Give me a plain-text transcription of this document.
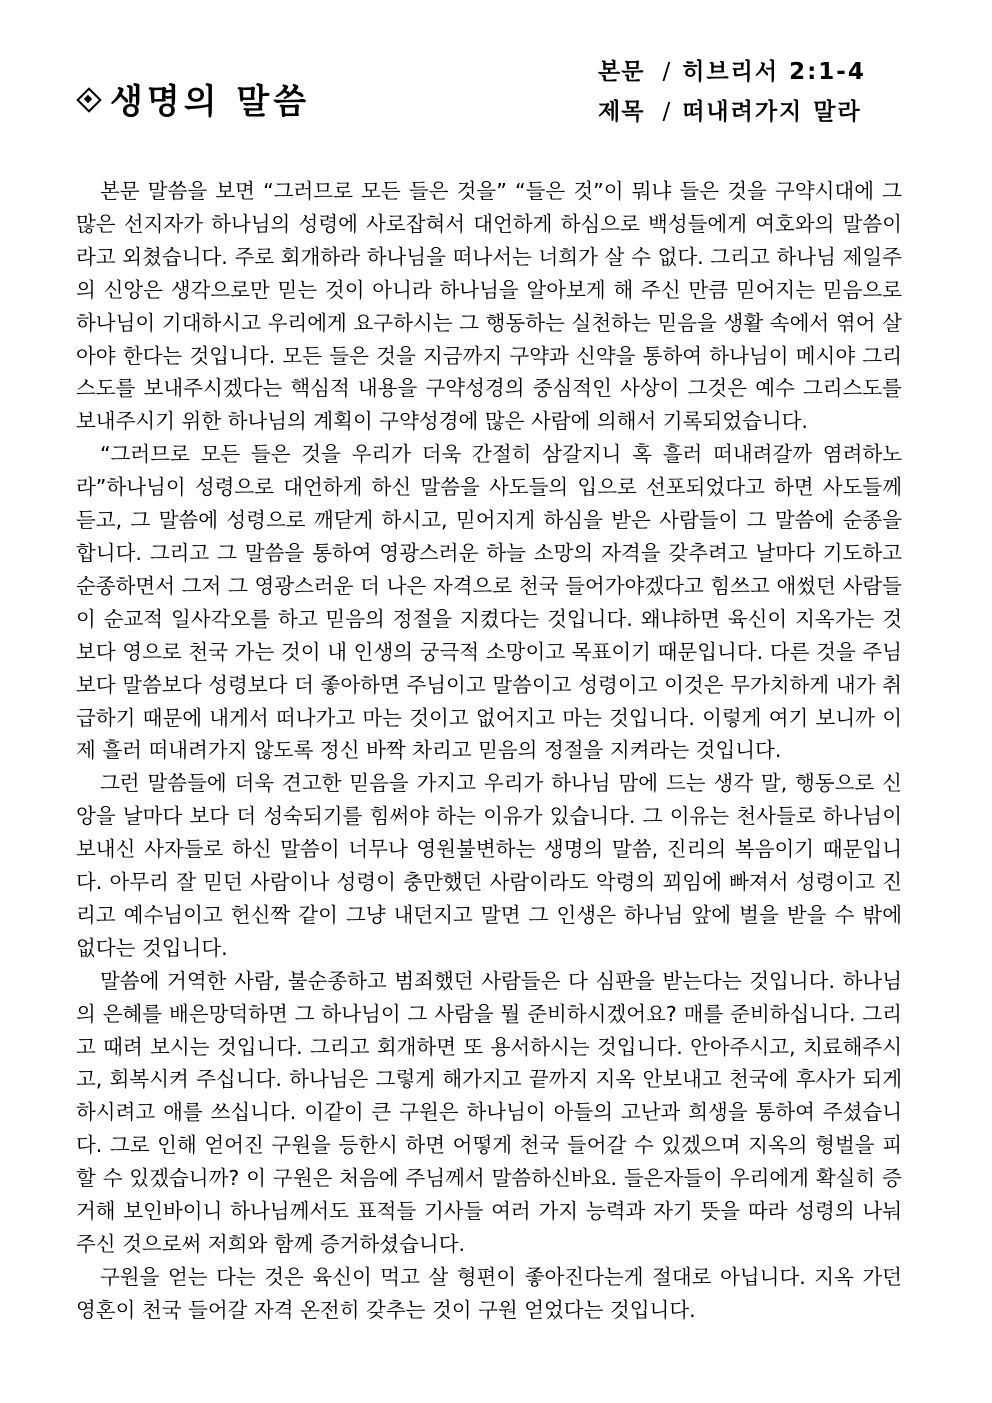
생명의 말씀
본문 / 히브리서 2:1-4
제목 / 떠내려가지 말라

본문 말씀을 보면 “그러므로 모든 들은 것을” “들은 것”이 뭐냐 들은 것을 구약시대에 그 많은 선지자가 하나님의 성령에 사로잡혀서 대언하게 하심으로 백성들에게 여호와의 말씀이라고 외쳤습니다. 주로 회개하라 하나님을 떠나서는 너희가 살 수 없다. 그리고 하나님 제일주의 신앙은 생각으로만 믿는 것이 아니라 하나님을 알아보게 해 주신 만큼 믿어지는 믿음으로 하나님이 기대하시고 우리에게 요구하시는 그 행동하는 실천하는 믿음을 생활 속에서 엮어 살아야 한다는 것입니다. 모든 들은 것을 지금까지 구약과 신약을 통하여 하나님이 메시야 그리스도를 보내주시겠다는 핵심적 내용을 구약성경의 중심적인 사상이 그것은 예수 그리스도를 보내주시기 위한 하나님의 계획이 구약성경에 많은 사람에 의해서 기록되었습니다.

“그러므로 모든 들은 것을 우리가 더욱 간절히 삼갈지니 혹 흘러 떠내려갈까 염려하노라”하나님이 성령으로 대언하게 하신 말씀을 사도들의 입으로 선포되었다고 하면 사도들께 듣고, 그 말씀에 성령으로 깨닫게 하시고, 믿어지게 하심을 받은 사람들이 그 말씀에 순종을 합니다. 그리고 그 말씀을 통하여 영광스러운 하늘 소망의 자격을 갖추려고 날마다 기도하고 순종하면서 그저 그 영광스러운 더 나은 자격으로 천국 들어가야겠다고 힘쓰고 애썼던 사람들이 순교적 일사각오를 하고 믿음의 정절을 지켰다는 것입니다. 왜냐하면 육신이 지옥가는 것보다 영으로 천국 가는 것이 내 인생의 궁극적 소망이고 목표이기 때문입니다. 다른 것을 주님보다 말씀보다 성령보다 더 좋아하면 주님이고 말씀이고 성령이고 이것은 무가치하게 내가 취급하기 때문에 내게서 떠나가고 마는 것이고 없어지고 마는 것입니다. 이렇게 여기 보니까 이제 흘러 떠내려가지 않도록 정신 바짝 차리고 믿음의 정절을 지켜라는 것입니다.

그런 말씀들에 더욱 견고한 믿음을 가지고 우리가 하나님 맘에 드는 생각 말, 행동으로 신앙을 날마다 보다 더 성숙되기를 힘써야 하는 이유가 있습니다. 그 이유는 천사들로 하나님이 보내신 사자들로 하신 말씀이 너무나 영원불변하는 생명의 말씀, 진리의 복음이기 때문입니다. 아무리 잘 믿던 사람이나 성령이 충만했던 사람이라도 악령의 꾀임에 빠져서 성령이고 진리고 예수님이고 헌신짝 같이 그냥 내던지고 말면 그 인생은 하나님 앞에 벌을 받을 수 밖에 없다는 것입니다.

말씀에 거역한 사람, 불순종하고 범죄했던 사람들은 다 심판을 받는다는 것입니다. 하나님의 은혜를 배은망덕하면 그 하나님이 그 사람을 뭘 준비하시겠어요? 매를 준비하십니다. 그리고 때려 보시는 것입니다. 그리고 회개하면 또 용서하시는 것입니다. 안아주시고, 치료해주시고, 회복시켜 주십니다. 하나님은 그렇게 해가지고 끝까지 지옥 안보내고 천국에 후사가 되게 하시려고 애를 쓰십니다. 이같이 큰 구원은 하나님이 아들의 고난과 희생을 통하여 주셨습니다. 그로 인해 얻어진 구원을 등한시 하면 어떻게 천국 들어갈 수 있겠으며 지옥의 형벌을 피할 수 있겠습니까? 이 구원은 처음에 주님께서 말씀하신바요. 들은자들이 우리에게 확실히 증거해 보인바이니 하나님께서도 표적들 기사들 여러 가지 능력과 자기 뜻을 따라 성령의 나눠주신 것으로써 저희와 함께 증거하셨습니다.

구원을 얻는 다는 것은 육신이 먹고 살 형편이 좋아진다는게 절대로 아닙니다. 지옥 가던 영혼이 천국 들어갈 자격 온전히 갖추는 것이 구원 얻었다는 것입니다.
